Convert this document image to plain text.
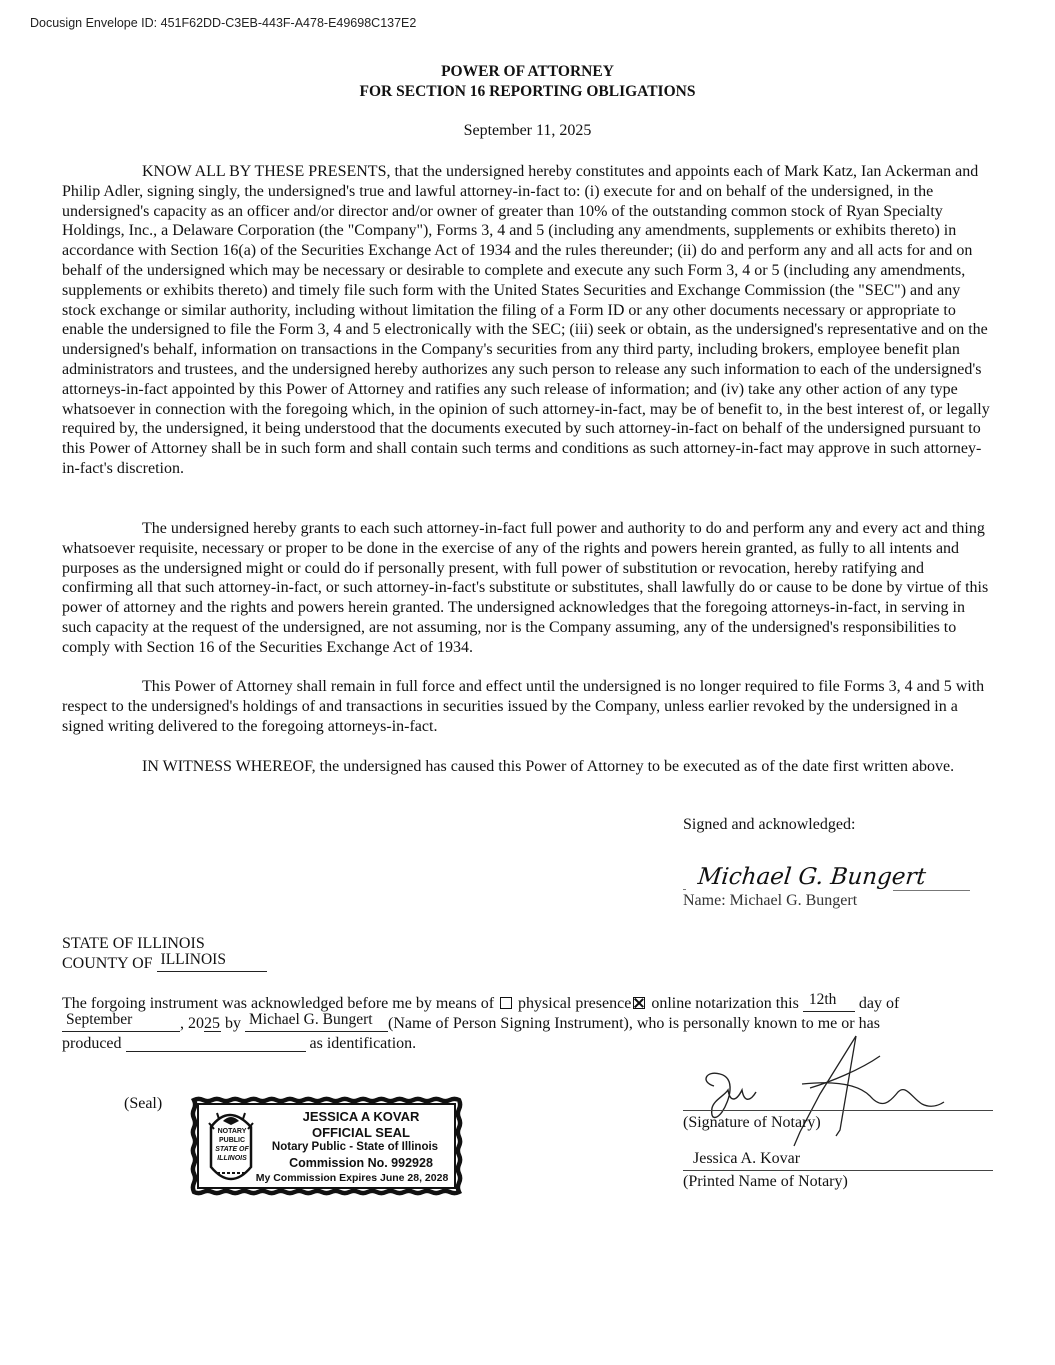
Docusign Envelope ID: 451F62DD-C3EB-443F-A478-E49698C137E2
POWER OF ATTORNEY
FOR SECTION 16 REPORTING OBLIGATIONS
September 11, 2025

KNOW ALL BY THESE PRESENTS, that the undersigned hereby constitutes and appoints each of Mark Katz, Ian Ackerman and Philip Adler, signing singly, the undersigned's true and lawful attorney-in-fact to: (i) execute for and on behalf of the undersigned, in the undersigned's capacity as an officer and/or director and/or owner of greater than 10% of the outstanding common stock of Ryan Specialty Holdings, Inc., a Delaware Corporation (the "Company"), Forms 3, 4 and 5 (including any amendments, supplements or exhibits thereto) in accordance with Section 16(a) of the Securities Exchange Act of 1934 and the rules thereunder; (ii) do and perform any and all acts for and on behalf of the undersigned which may be necessary or desirable to complete and execute any such Form 3, 4 or 5 (including any amendments, supplements or exhibits thereto) and timely file such form with the United States Securities and Exchange Commission (the "SEC") and any stock exchange or similar authority, including without limitation the filing of a Form ID or any other documents necessary or appropriate to enable the undersigned to file the Form 3, 4 and 5 electronically with the SEC; (iii) seek or obtain, as the undersigned's representative and on the undersigned's behalf, information on transactions in the Company's securities from any third party, including brokers, employee benefit plan administrators and trustees, and the undersigned hereby authorizes any such person to release any such information to each of the undersigned's attorneys-in-fact appointed by this Power of Attorney and ratifies any such release of information; and (iv) take any other action of any type whatsoever in connection with the foregoing which, in the opinion of such attorney-in-fact, may be of benefit to, in the best interest of, or legally required by, the undersigned, it being understood that the documents executed by such attorney-in-fact on behalf of the undersigned pursuant to this Power of Attorney shall be in such form and shall contain such terms and conditions as such attorney-in-fact may approve in such attorney-in-fact's discretion.

The undersigned hereby grants to each such attorney-in-fact full power and authority to do and perform any and every act and thing whatsoever requisite, necessary or proper to be done in the exercise of any of the rights and powers herein granted, as fully to all intents and purposes as the undersigned might or could do if personally present, with full power of substitution or revocation, hereby ratifying and confirming all that such attorney-in-fact, or such attorney-in-fact's substitute or substitutes, shall lawfully do or cause to be done by virtue of this power of attorney and the rights and powers herein granted. The undersigned acknowledges that the foregoing attorneys-in-fact, in serving in such capacity at the request of the undersigned, are not assuming, nor is the Company assuming, any of the undersigned's responsibilities to comply with Section 16 of the Securities Exchange Act of 1934.

This Power of Attorney shall remain in full force and effect until the undersigned is no longer required to file Forms 3, 4 and 5 with respect to the undersigned's holdings of and transactions in securities issued by the Company, unless earlier revoked by the undersigned in a signed writing delivered to the foregoing attorneys-in-fact.

IN WITNESS WHEREOF, the undersigned has caused this Power of Attorney to be executed as of the date first written above.

Signed and acknowledged:
Michael G. Bungert
Name: Michael G. Bungert
STATE OF ILLINOIS
COUNTY OF ILLINOIS
The forgoing instrument was acknowledged before me by means of physical presence online notarization this 12th day of
September	, 2025 by Michael G. Bungert (Name of Person Signing Instrument), who is personally known to me or has
produced	as identification.
(Seal)
NOTARY
PUBLIC
STATE OF
ILLINOIS
JESSICA A KOVAR
OFFICIAL SEAL
Notary Public - State of Illinois
Commission No. 992928
My Commission Expires June 28, 2028
(Signature of Notary)
Jessica A. Kovar
(Printed Name of Notary)
